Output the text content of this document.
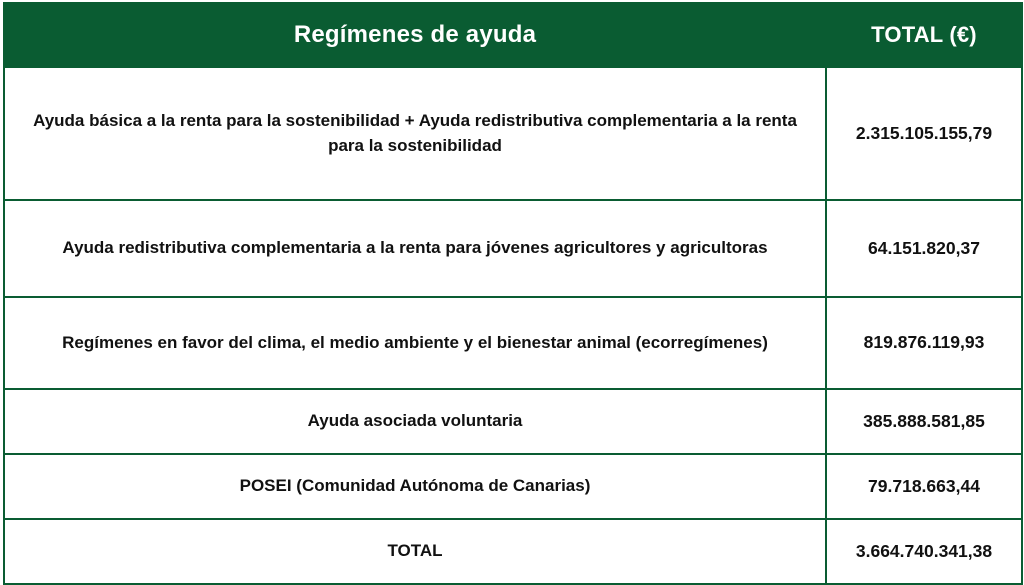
Regímenes de ayuda	TOTAL (€)
Ayuda básica a la renta para la sostenibilidad + Ayuda redistributiva complementaria a la renta para la sostenibilidad	2.315.105.155,79
Ayuda redistributiva complementaria a la renta para jóvenes agricultores y agricultoras	64.151.820,37
Regímenes en favor del clima, el medio ambiente y el bienestar animal (ecorregímenes)	819.876.119,93
Ayuda asociada voluntaria	385.888.581,85
POSEI (Comunidad Autónoma de Canarias)	79.718.663,44
TOTAL	3.664.740.341,38
